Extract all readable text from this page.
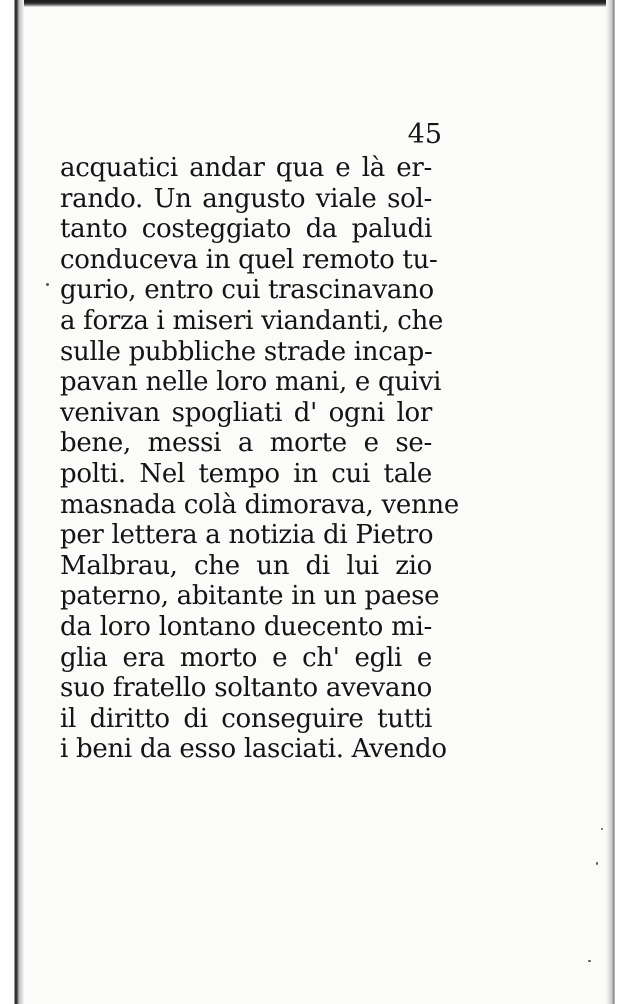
45
acquatici andar qua e là er-
rando. Un angusto viale sol-
tanto costeggiato da paludi
conduceva in quel remoto tu-
gurio, entro cui trascinavano
a forza i miseri viandanti, che
sulle pubbliche strade incap-
pavan nelle loro mani, e quivi
venivan spogliati d' ogni lor
bene, messi a morte e se-
polti. Nel tempo in cui tale
masnada colà dimorava, venne
per lettera a notizia di Pietro
Malbrau, che un di lui zio
paterno, abitante in un paese
da loro lontano duecento mi-
glia era morto e ch' egli e
suo fratello soltanto avevano
il diritto di conseguire tutti
i beni da esso lasciati. Avendo
